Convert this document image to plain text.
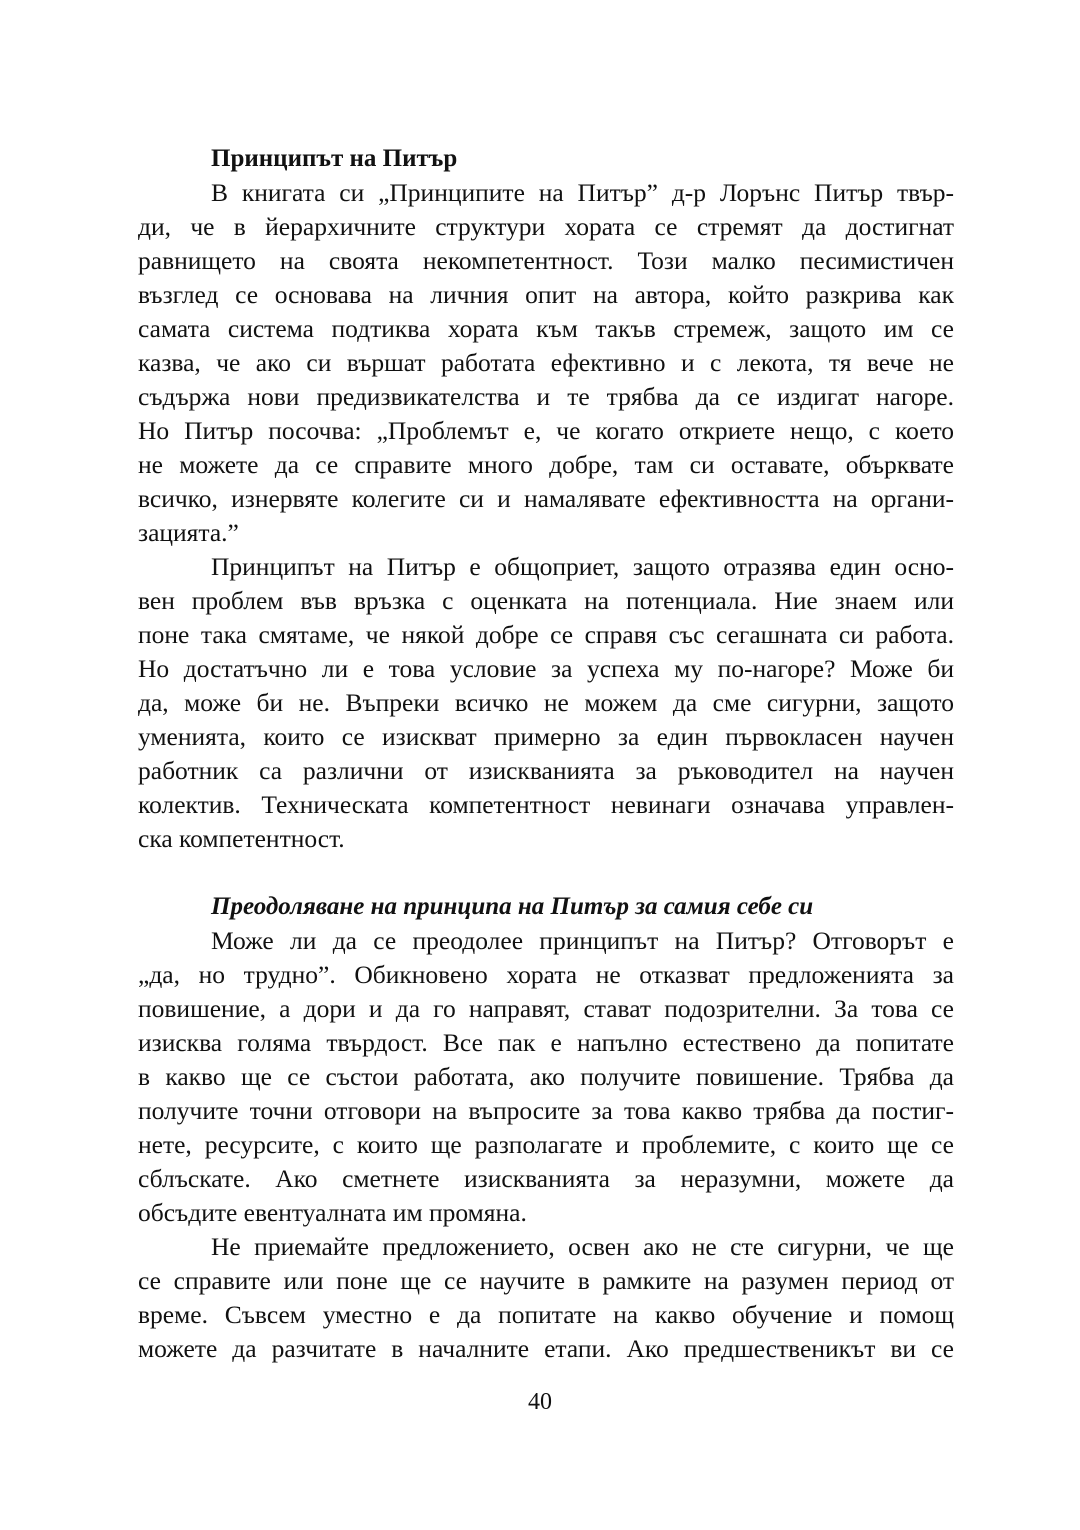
Принципът на Питър
В книгата си „Принципите на Питър” д-р Лорънс Питър твър-
ди, че в йерархичните структури хората се стремят да достигнат
равнището на своята некомпетентност. Този малко песимистичен
възглед се основава на личния опит на автора, който разкрива как
самата система подтиква хората към такъв стремеж, защото им се
казва, че ако си вършат работата ефективно и с лекота, тя вече не
съдържа нови предизвикателства и те трябва да се издигат нагоре.
Но Питър посочва: „Проблемът е, че когато откриете нещо, с което
не можете да се справите много добре, там си оставате, обърквате
всичко, изнервяте колегите си и намалявате ефективността на органи-
зацията.”
Принципът на Питър е общоприет, защото отразява един осно-
вен проблем във връзка с оценката на потенциала. Ние знаем или
поне така смятаме, че някой добре се справя със сегашната си работа.
Но достатъчно ли е това условие за успеха му по-нагоре? Може би
да, може би не. Въпреки всичко не можем да сме сигурни, защото
уменията, които се изискват примерно за един първокласен научен
работник са различни от изискванията за ръководител на научен
колектив. Техническата компетентност невинаги означава управлен-
ска компетентност.
Преодоляване на принципа на Питър за самия себе си
Може ли да се преодолее принципът на Питър? Отговорът е
„да, но трудно”. Обикновено хората не отказват предложенията за
повишение, а дори и да го направят, стават подозрителни. За това се
изисква голяма твърдост. Все пак е напълно естествено да попитате
в какво ще се състои работата, ако получите повишение. Трябва да
получите точни отговори на въпросите за това какво трябва да постиг-
нете, ресурсите, с които ще разполагате и проблемите, с които ще се
сблъскате. Ако сметнете изискванията за неразумни, можете да
обсъдите евентуалната им промяна.
Не приемайте предложението, освен ако не сте сигурни, че ще
се справите или поне ще се научите в рамките на разумен период от
време. Съвсем уместно е да попитате на какво обучение и помощ
можете да разчитате в началните етапи. Ако предшественикът ви се
40
